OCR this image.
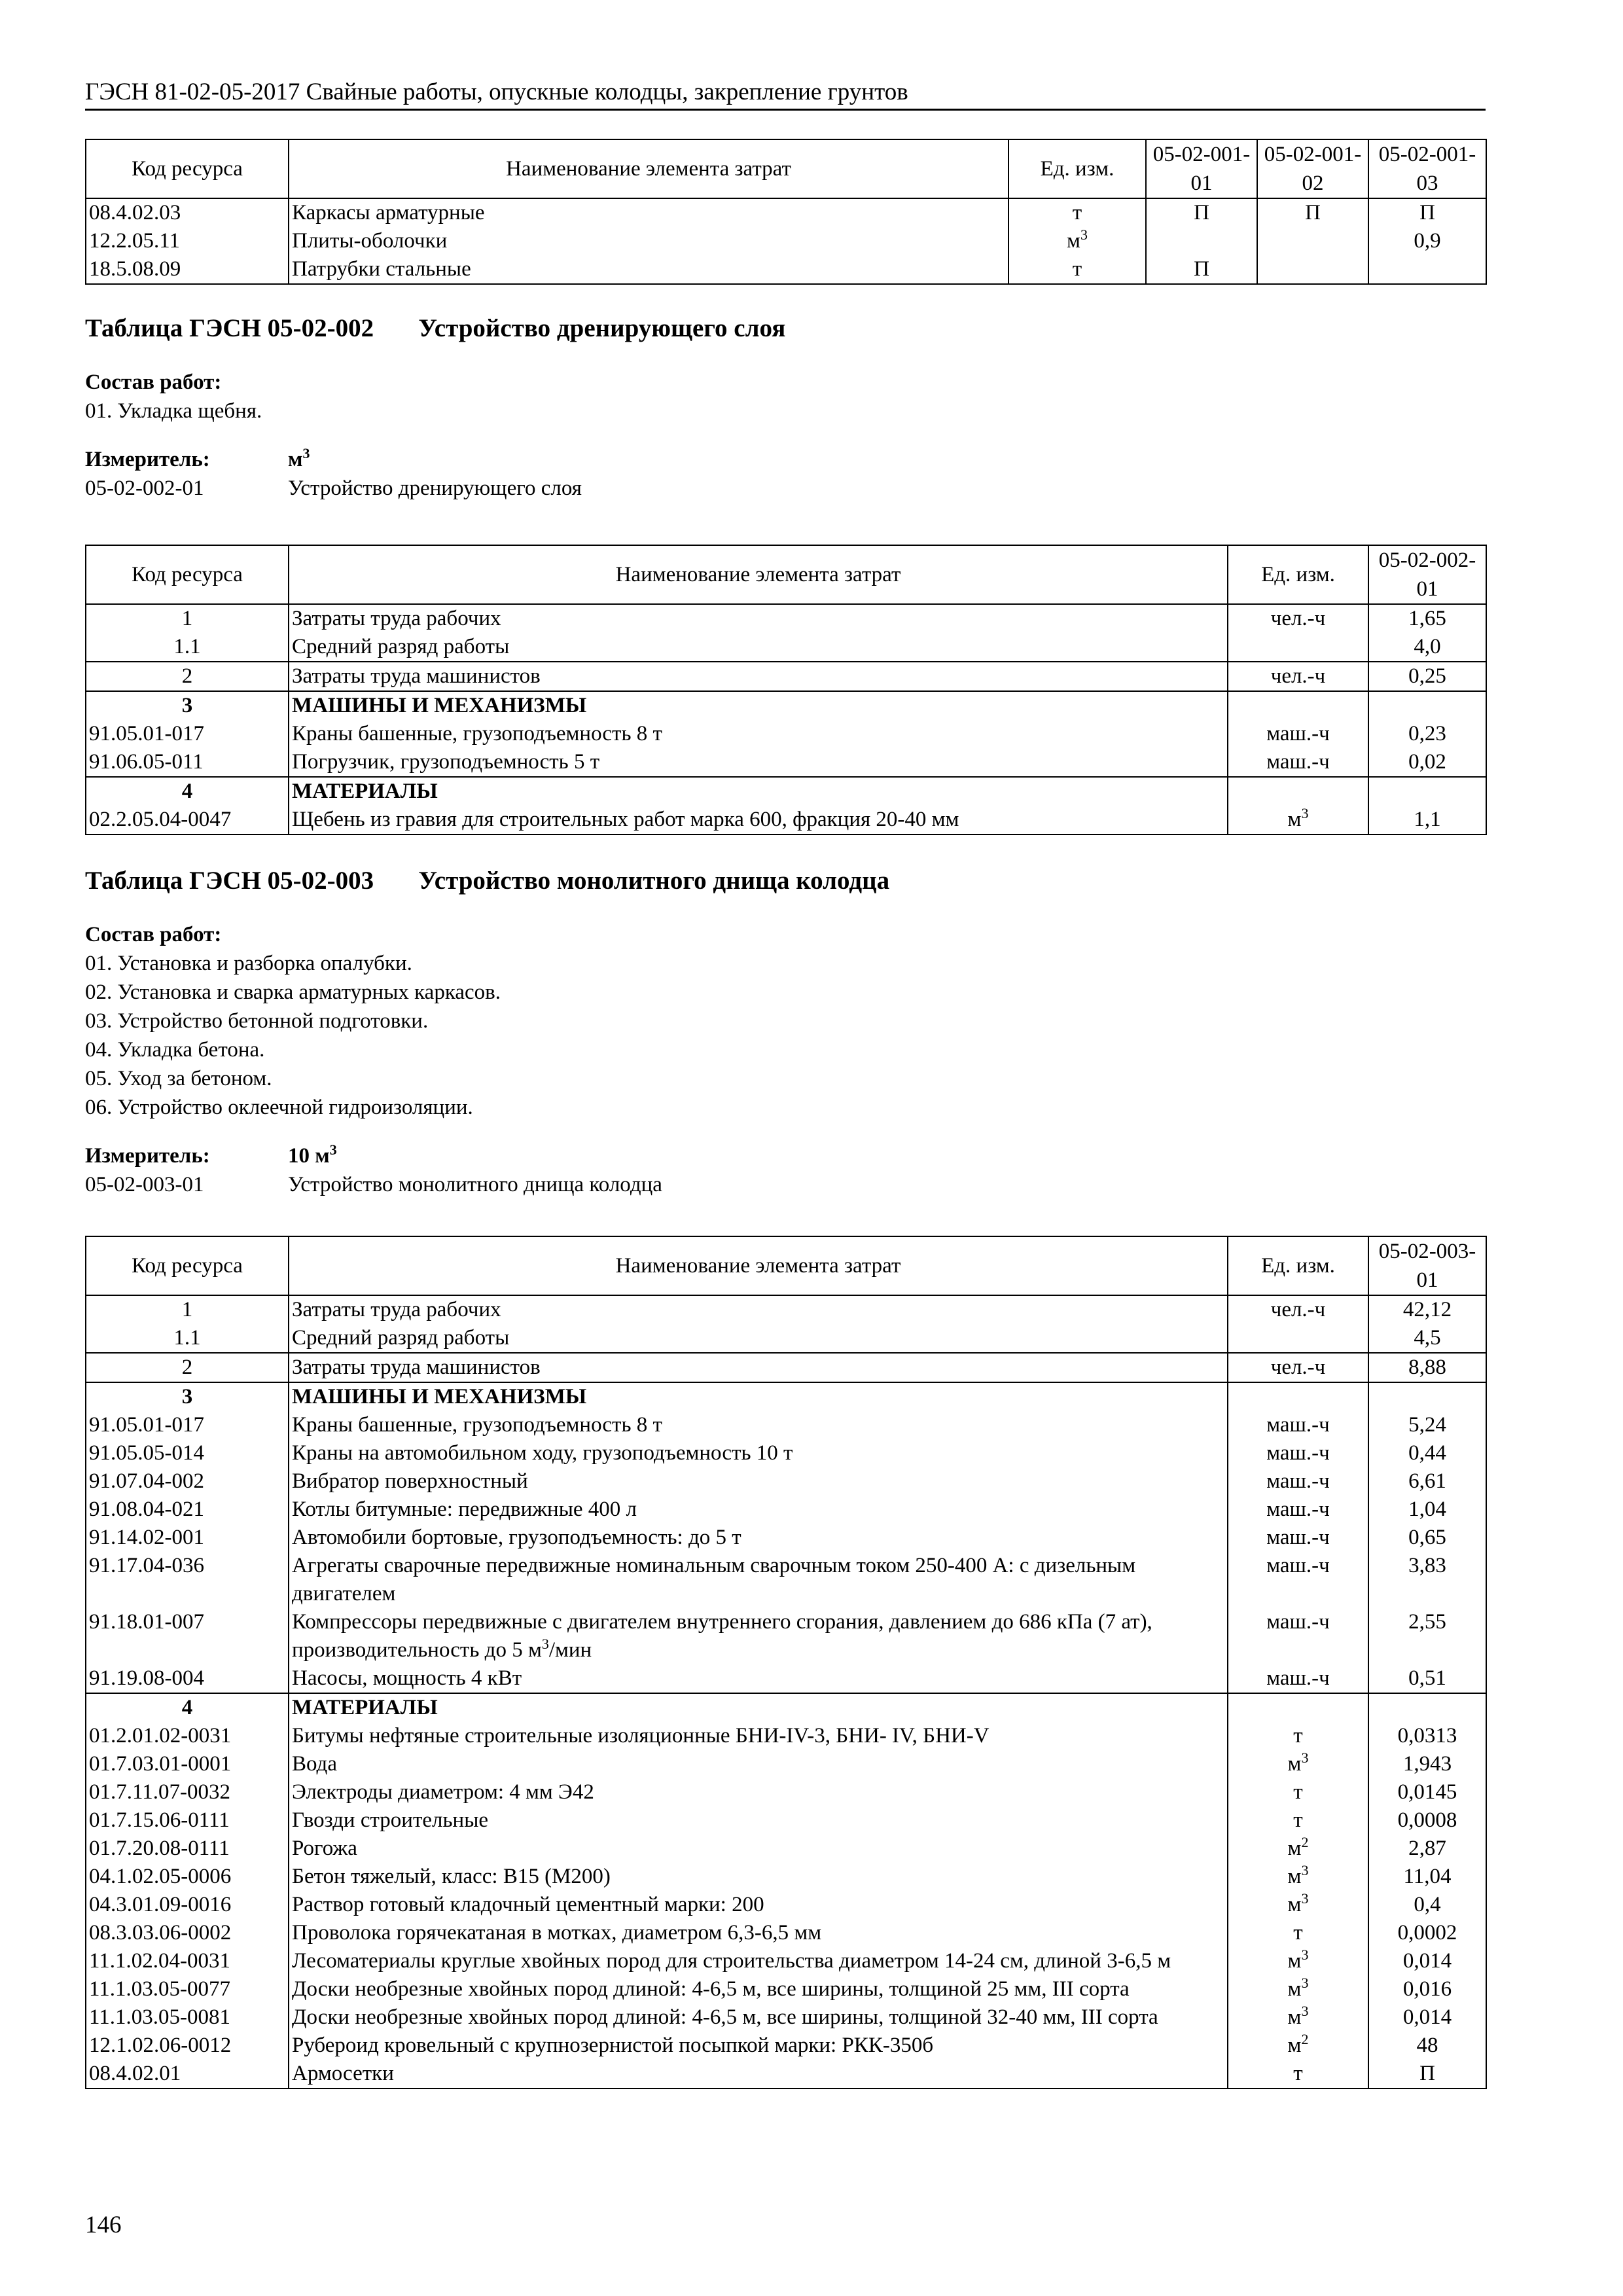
ГЭСН 81-02-05-2017 Свайные работы, опускные колодцы, закрепление грунтов
Код ресурса	Наименование элемента затрат	Ед. изм.	05-02-001-01	05-02-001-02	05-02-001-03
08.4.02.03	Каркасы арматурные	т	П	П	П
12.2.05.11	Плиты-оболочки	$м^3$			0,9
18.5.08.09	Патрубки стальные	т	П		
Таблица ГЭСН 05-02-002       Устройство дренирующего слоя
Состав работ:
01. Укладка щебня.
Измеритель:	$м^3$
05-02-002-01	Устройство дренирующего слоя
Код ресурса	Наименование элемента затрат	Ед. изм.	05-02-002-01
1	Затраты труда рабочих	чел.-ч	1,65
1.1	Средний разряд работы		4,0
2	Затраты труда машинистов	чел.-ч	0,25
3	МАШИНЫ И МЕХАНИЗМЫ		
91.05.01-017	Краны башенные, грузоподъемность 8 т	маш.-ч	0,23
91.06.05-011	Погрузчик, грузоподъемность 5 т	маш.-ч	0,02
4	МАТЕРИАЛЫ		
02.2.05.04-0047	Щебень из гравия для строительных работ марка 600, фракция 20-40 мм	$м^3$	1,1
Таблица ГЭСН 05-02-003       Устройство монолитного днища колодца
Состав работ:
01. Установка и разборка опалубки.
02. Установка и сварка арматурных каркасов.
03. Устройство бетонной подготовки.
04. Укладка бетона.
05. Уход за бетоном.
06. Устройство оклеечной гидроизоляции.
Измеритель:	10 $м^3$
05-02-003-01	Устройство монолитного днища колодца
Код ресурса	Наименование элемента затрат	Ед. изм.	05-02-003-01
1	Затраты труда рабочих	чел.-ч	42,12
1.1	Средний разряд работы		4,5
2	Затраты труда машинистов	чел.-ч	8,88
3	МАШИНЫ И МЕХАНИЗМЫ		
91.05.01-017	Краны башенные, грузоподъемность 8 т	маш.-ч	5,24
91.05.05-014	Краны на автомобильном ходу, грузоподъемность 10 т	маш.-ч	0,44
91.07.04-002	Вибратор поверхностный	маш.-ч	6,61
91.08.04-021	Котлы битумные: передвижные 400 л	маш.-ч	1,04
91.14.02-001	Автомобили бортовые, грузоподъемность: до 5 т	маш.-ч	0,65
91.17.04-036	Агрегаты сварочные передвижные номинальным сварочным током 250-400 А: с дизельным двигателем	маш.-ч	3,83
91.18.01-007	Компрессоры передвижные с двигателем внутреннего сгорания, давлением до 686 кПа (7 ат), производительность до 5 $м^3$/мин	маш.-ч	2,55
91.19.08-004	Насосы, мощность 4 кВт	маш.-ч	0,51
4	МАТЕРИАЛЫ		
01.2.01.02-0031	Битумы нефтяные строительные изоляционные БНИ-IV-3, БНИ- IV, БНИ-V	т	0,0313
01.7.03.01-0001	Вода	$м^3$	1,943
01.7.11.07-0032	Электроды диаметром: 4 мм Э42	т	0,0145
01.7.15.06-0111	Гвозди строительные	т	0,0008
01.7.20.08-0111	Рогожа	$м^2$	2,87
04.1.02.05-0006	Бетон тяжелый, класс: В15 (М200)	$м^3$	11,04
04.3.01.09-0016	Раствор готовый кладочный цементный марки: 200	$м^3$	0,4
08.3.03.06-0002	Проволока горячекатаная в мотках, диаметром 6,3-6,5 мм	т	0,0002
11.1.02.04-0031	Лесоматериалы круглые хвойных пород для строительства диаметром 14-24 см, длиной 3-6,5 м	$м^3$	0,014
11.1.03.05-0077	Доски необрезные хвойных пород длиной: 4-6,5 м, все ширины, толщиной 25 мм, III сорта	$м^3$	0,016
11.1.03.05-0081	Доски необрезные хвойных пород длиной: 4-6,5 м, все ширины, толщиной 32-40 мм, III сорта	$м^3$	0,014
12.1.02.06-0012	Рубероид кровельный с крупнозернистой посыпкой марки: РКК-350б	$м^2$	48
08.4.02.01	Армосетки	т	П
146
